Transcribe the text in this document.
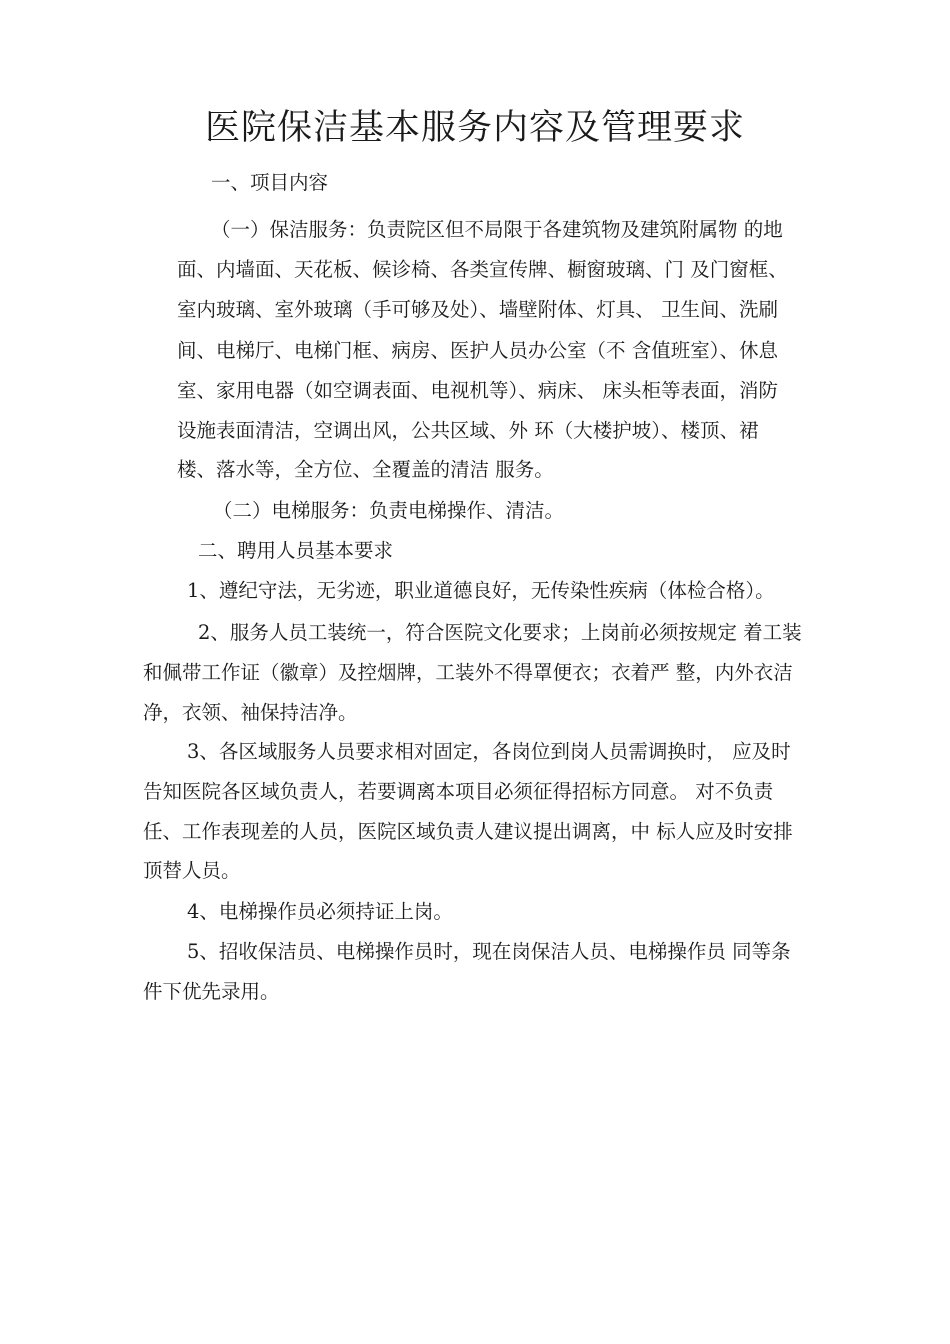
医院保洁基本服务内容及管理要求
一、项目内容
（一）保洁服务：负责院区但不局限于各建筑物及建筑附属物 的地
面、内墙面、天花板、候诊椅、各类宣传牌、橱窗玻璃、门 及门窗框、
室内玻璃、室外玻璃（手可够及处）、墙壁附体、灯具、 卫生间、洗刷
间、电梯厅、电梯门框、病房、医护人员办公室（不 含值班室）、休息
室、家用电器（如空调表面、电视机等）、病床、 床头柜等表面，消防
设施表面清洁，空调出风，公共区域、外 环（大楼护坡）、楼顶、裙
楼、落水等，全方位、全覆盖的清洁 服务。
（二）电梯服务：负责电梯操作、清洁。
二、聘用人员基本要求
1、遵纪守法，无劣迹，职业道德良好，无传染性疾病（体检合格）。
2、服务人员工装统一，符合医院文化要求；上岗前必须按规定 着工装
和佩带工作证（徽章）及控烟牌，工装外不得罩便衣；衣着严 整，内外衣洁
净，衣领、袖保持洁净。
3、各区域服务人员要求相对固定，各岗位到岗人员需调换时， 应及时
告知医院各区域负责人，若要调离本项目必须征得招标方同意。 对不负责
任、工作表现差的人员，医院区域负责人建议提出调离，中 标人应及时安排
顶替人员。
4、电梯操作员必须持证上岗。
5、招收保洁员、电梯操作员时，现在岗保洁人员、电梯操作员 同等条
件下优先录用。
